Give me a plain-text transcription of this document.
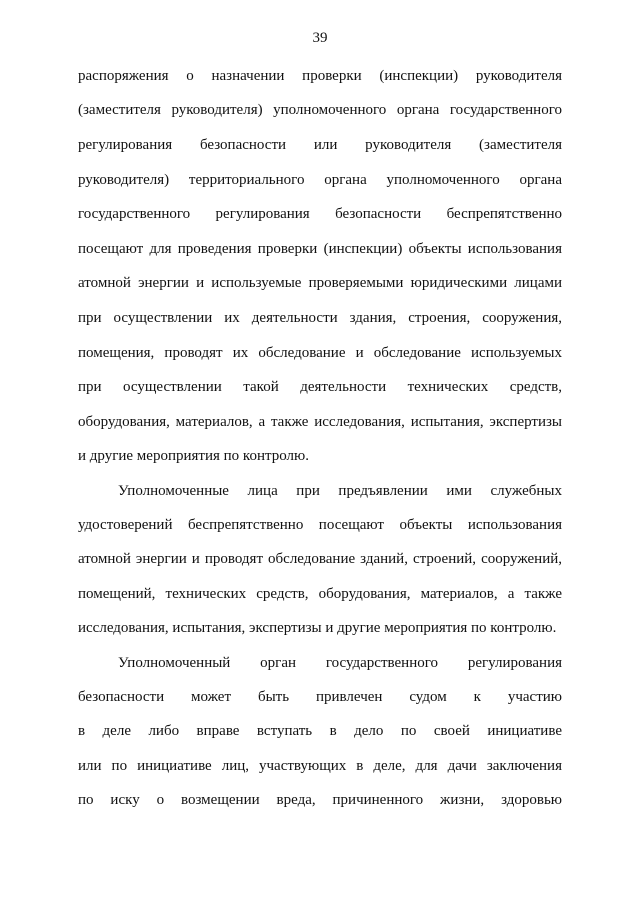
39
распоряжения о назначении проверки (инспекции) руководителя
(заместителя руководителя) уполномоченного органа государственного
регулирования безопасности или руководителя (заместителя
руководителя) территориального органа уполномоченного органа
государственного регулирования безопасности беспрепятственно
посещают для проведения проверки (инспекции) объекты использования
атомной энергии и используемые проверяемыми юридическими лицами
при осуществлении их деятельности здания, строения, сооружения,
помещения, проводят их обследование и обследование используемых
при осуществлении такой деятельности технических средств,
оборудования, материалов, а также исследования, испытания, экспертизы
и другие мероприятия по контролю.
Уполномоченные лица при предъявлении ими служебных
удостоверений беспрепятственно посещают объекты использования
атомной энергии и проводят обследование зданий, строений, сооружений,
помещений, технических средств, оборудования, материалов, а также
исследования, испытания, экспертизы и другие мероприятия по контролю.
Уполномоченный орган государственного регулирования
безопасности может быть привлечен судом к участию
в деле либо вправе вступать в дело по своей инициативе
или по инициативе лиц, участвующих в деле, для дачи заключения
по иску о возмещении вреда, причиненного жизни, здоровью
